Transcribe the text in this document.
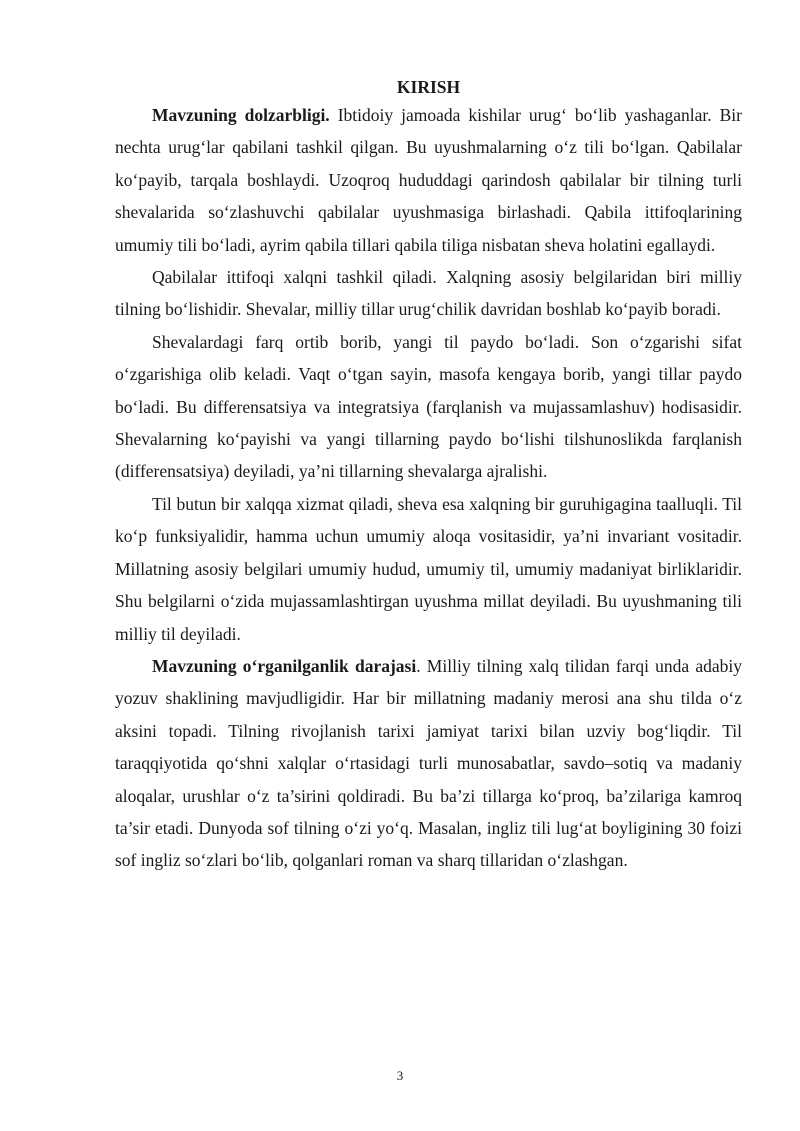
KIRISH

Mavzuning dolzarbligi. Ibtidoiy jamoada kishilar urug‘ bo‘lib yashaganlar. Bir nechta urug‘lar qabilani tashkil qilgan. Bu uyushmalarning o‘z tili bo‘lgan. Qabilalar ko‘payib, tarqala boshlaydi. Uzoqroq hududdagi qarindosh qabilalar bir tilning turli shevalarida so‘zlashuvchi qabilalar uyushmasiga birlashadi. Qabila ittifoqlarining umumiy tili bo‘ladi, ayrim qabila tillari qabila tiliga nisbatan sheva holatini egallaydi.

Qabilalar ittifoqi xalqni tashkil qiladi. Xalqning asosiy belgilaridan biri milliy tilning bo‘lishidir. Shevalar, milliy tillar urug‘chilik davridan boshlab ko‘payib boradi.

Shevalardagi farq ortib borib, yangi til paydo bo‘ladi. Son o‘zgarishi sifat o‘zgarishiga olib keladi. Vaqt o‘tgan sayin, masofa kengaya borib, yangi tillar paydo bo‘ladi. Bu differensatsiya va integratsiya (farqlanish va mujassamlashuv) hodisasidir. Shevalarning ko‘payishi va yangi tillarning paydo bo‘lishi tilshunoslikda farqlanish (differensatsiya) deyiladi, ya’ni tillarning shevalarga ajralishi.

Til butun bir xalqqa xizmat qiladi, sheva esa xalqning bir guruhigagina taalluqli. Til ko‘p funksiyalidir, hamma uchun umumiy aloqa vositasidir, ya’ni invariant vositadir. Millatning asosiy belgilari umumiy hudud, umumiy til, umumiy madaniyat birliklaridir. Shu belgilarni o‘zida mujassamlashtirgan uyushma millat deyiladi. Bu uyushmaning tili milliy til deyiladi.

Mavzuning o‘rganilganlik darajasi. Milliy tilning xalq tilidan farqi unda adabiy yozuv shaklining mavjudligidir. Har bir millatning madaniy merosi ana shu tilda o‘z aksini topadi. Tilning rivojlanish tarixi jamiyat tarixi bilan uzviy bog‘liqdir. Til taraqqiyotida qo‘shni xalqlar o‘rtasidagi turli munosabatlar, savdo–sotiq va madaniy aloqalar, urushlar o‘z ta’sirini qoldiradi. Bu ba’zi tillarga ko‘proq, ba’zilariga kamroq ta’sir etadi. Dunyoda sof tilning o‘zi yo‘q. Masalan, ingliz tili lug‘at boyligining 30 foizi sof ingliz so‘zlari bo‘lib, qolganlari roman va sharq tillaridan o‘zlashgan.

3
